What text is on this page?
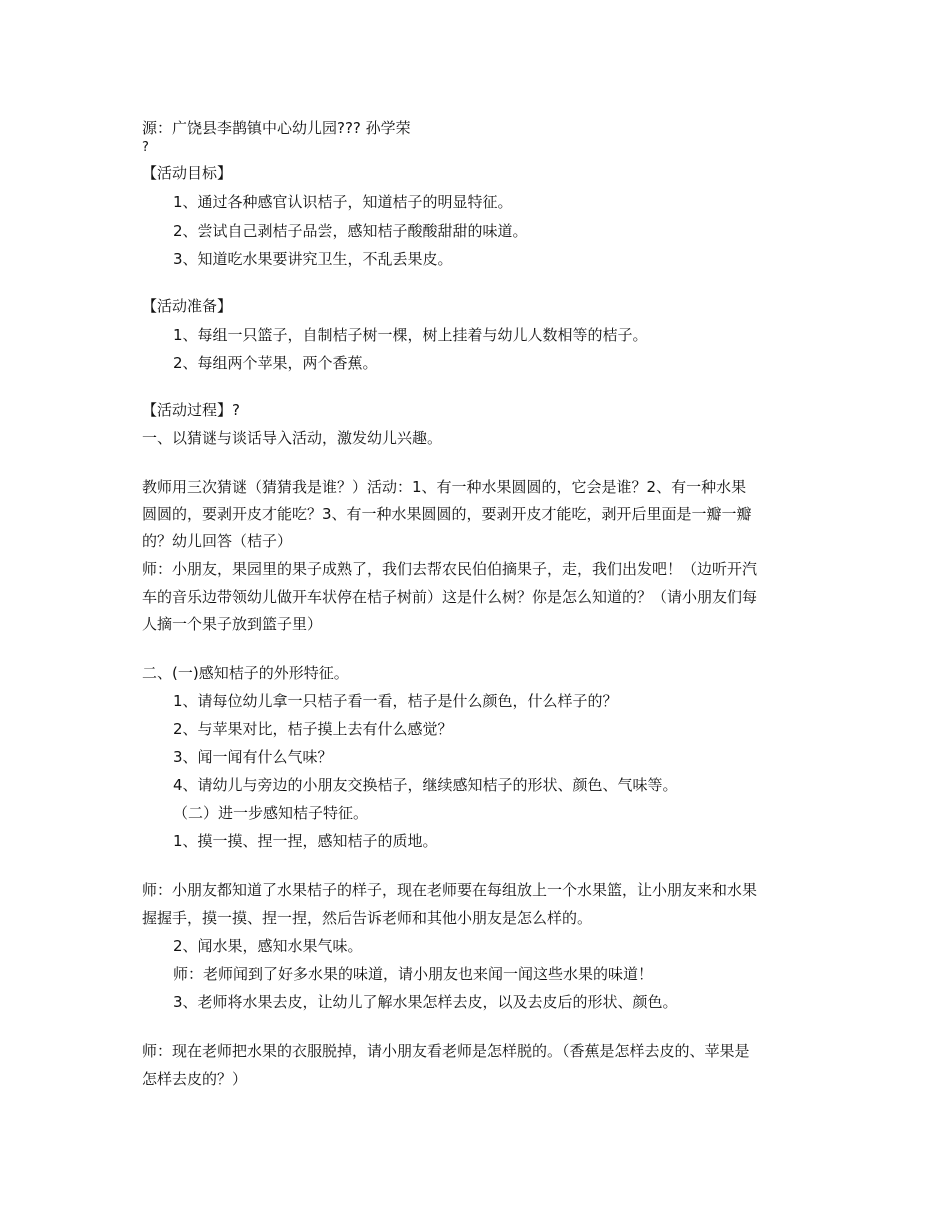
源：广饶县李鹊镇中心幼儿园??? 孙学荣
?
【活动目标】
1、通过各种感官认识桔子，知道桔子的明显特征。
2、尝试自己剥桔子品尝，感知桔子酸酸甜甜的味道。
3、知道吃水果要讲究卫生，不乱丢果皮。
【活动准备】
1、每组一只篮子，自制桔子树一棵，树上挂着与幼儿人数相等的桔子。
2、每组两个苹果，两个香蕉。
【活动过程】?
一、以猜谜与谈话导入活动，激发幼儿兴趣。
教师用三次猜谜（猜猜我是谁？）活动：1、有一种水果圆圆的，它会是谁？2、有一种水果
圆圆的，要剥开皮才能吃？3、有一种水果圆圆的，要剥开皮才能吃，剥开后里面是一瓣一瓣
的？幼儿回答（桔子）
师：小朋友，果园里的果子成熟了，我们去帮农民伯伯摘果子，走，我们出发吧！（边听开汽
车的音乐边带领幼儿做开车状停在桔子树前）这是什么树？你是怎么知道的？（请小朋友们每
人摘一个果子放到篮子里）
二、(一)感知桔子的外形特征。
1、请每位幼儿拿一只桔子看一看，桔子是什么颜色，什么样子的？
2、与苹果对比，桔子摸上去有什么感觉？
3、闻一闻有什么气味？
4、请幼儿与旁边的小朋友交换桔子，继续感知桔子的形状、颜色、气味等。
（二）进一步感知桔子特征。
1、摸一摸、捏一捏，感知桔子的质地。
师：小朋友都知道了水果桔子的样子，现在老师要在每组放上一个水果篮，让小朋友来和水果
握握手，摸一摸、捏一捏，然后告诉老师和其他小朋友是怎么样的。
2、闻水果，感知水果气味。
师：老师闻到了好多水果的味道，请小朋友也来闻一闻这些水果的味道！
3、老师将水果去皮，让幼儿了解水果怎样去皮，以及去皮后的形状、颜色。
师：现在老师把水果的衣服脱掉，请小朋友看老师是怎样脱的。（香蕉是怎样去皮的、苹果是
怎样去皮的？）
